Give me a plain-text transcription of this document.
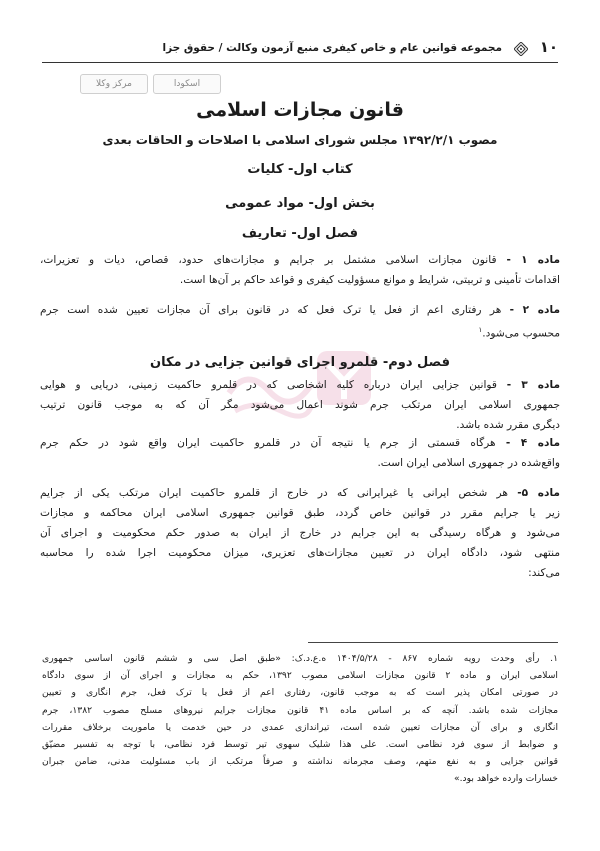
۱۰
مجموعه قوانین عام و خاص کیفری منبع آزمون وکالت / حقوق جزا
مرکز وکلا	اسکودا
قانون مجازات اسلامی
مصوب ۱۳۹۲/۲/۱ مجلس شورای اسلامی با اصلاحات و الحاقات بعدی
کتاب اول- کلیات
بخش اول- مواد عمومی
فصل اول- تعاریف
ماده ۱ - قانون مجازات اسلامی مشتمل بر جرایم و مجازات‌های حدود، قصاص، دیات و تعزیرات،
اقدامات تأمینی و تربیتی، شرایط و موانع مسؤولیت کیفری و قواعد حاکم بر آن‌ها است.
ماده ۲ - هر رفتاری اعم از فعل یا ترک فعل که در قانون برای آن مجازات تعیین شده است جرم
محسوب می‌شود.$^۱$
فصل دوم- قلمرو اجرای قوانین جزایی در مکان
ماده ۳ - قوانین جزایی ایران درباره کلیه اشخاصی که در قلمرو حاکمیت زمینی، دریایی و هوایی
جمهوری اسلامی ایران مرتکب جرم شوند اعمال می‌شود مگر آن که به موجب قانون ترتیب
دیگری مقرر شده باشد.
ماده ۴ - هرگاه قسمتی از جرم یا نتیجه آن در قلمرو حاکمیت ایران واقع شود در حکم جرم
واقع‌شده در جمهوری اسلامی ایران است.
ماده ۵- هر شخص ایرانی یا غیرایرانی که در خارج از قلمرو حاکمیت ایران مرتکب یکی از جرایم
زیر یا جرایم مقرر در قوانین خاص گردد، طبق قوانین جمهوری اسلامی ایران محاکمه و مجازات
می‌شود و هرگاه رسیدگی به این جرایم در خارج از ایران به صدور حکم محکومیت و اجرای آن
منتهی شود، دادگاه ایران در تعیین مجازات‌های تعزیری، میزان محکومیت اجرا شده را محاسبه
می‌کند:
۱. رأی وحدت رویه شماره ۸۶۷ - ۱۴۰۴/۵/۲۸ ه.ع.د.ک: «طبق اصل سی و ششم قانون اساسی جمهوری
اسلامی ایران و ماده ۲ قانون مجازات اسلامی مصوب ۱۳۹۲، حکم به مجازات و اجرای آن از سوی دادگاه
در صورتی امکان پذیر است که به موجب قانون، رفتاری اعم از فعل یا ترک فعل، جرم انگاری و تعیین
مجازات شده باشد. آنچه که بر اساس ماده ۴۱ قانون مجازات جرایم نیروهای مسلح مصوب ۱۳۸۲، جرم
انگاری و برای آن مجازات تعیین شده است، تیراندازی عمدی در حین خدمت یا ماموریت برخلاف مقررات
و ضوابط از سوی فرد نظامی است. علی هذا شلیک سهوی تیر توسط فرد نظامی، با توجه به تفسیر مضیّق
قوانین جزایی و به نفع متهم، وصف مجرمانه نداشته و صرفاً مرتکب از باب مسئولیت مدنی، ضامن جبران
خسارات وارده خواهد بود.»
